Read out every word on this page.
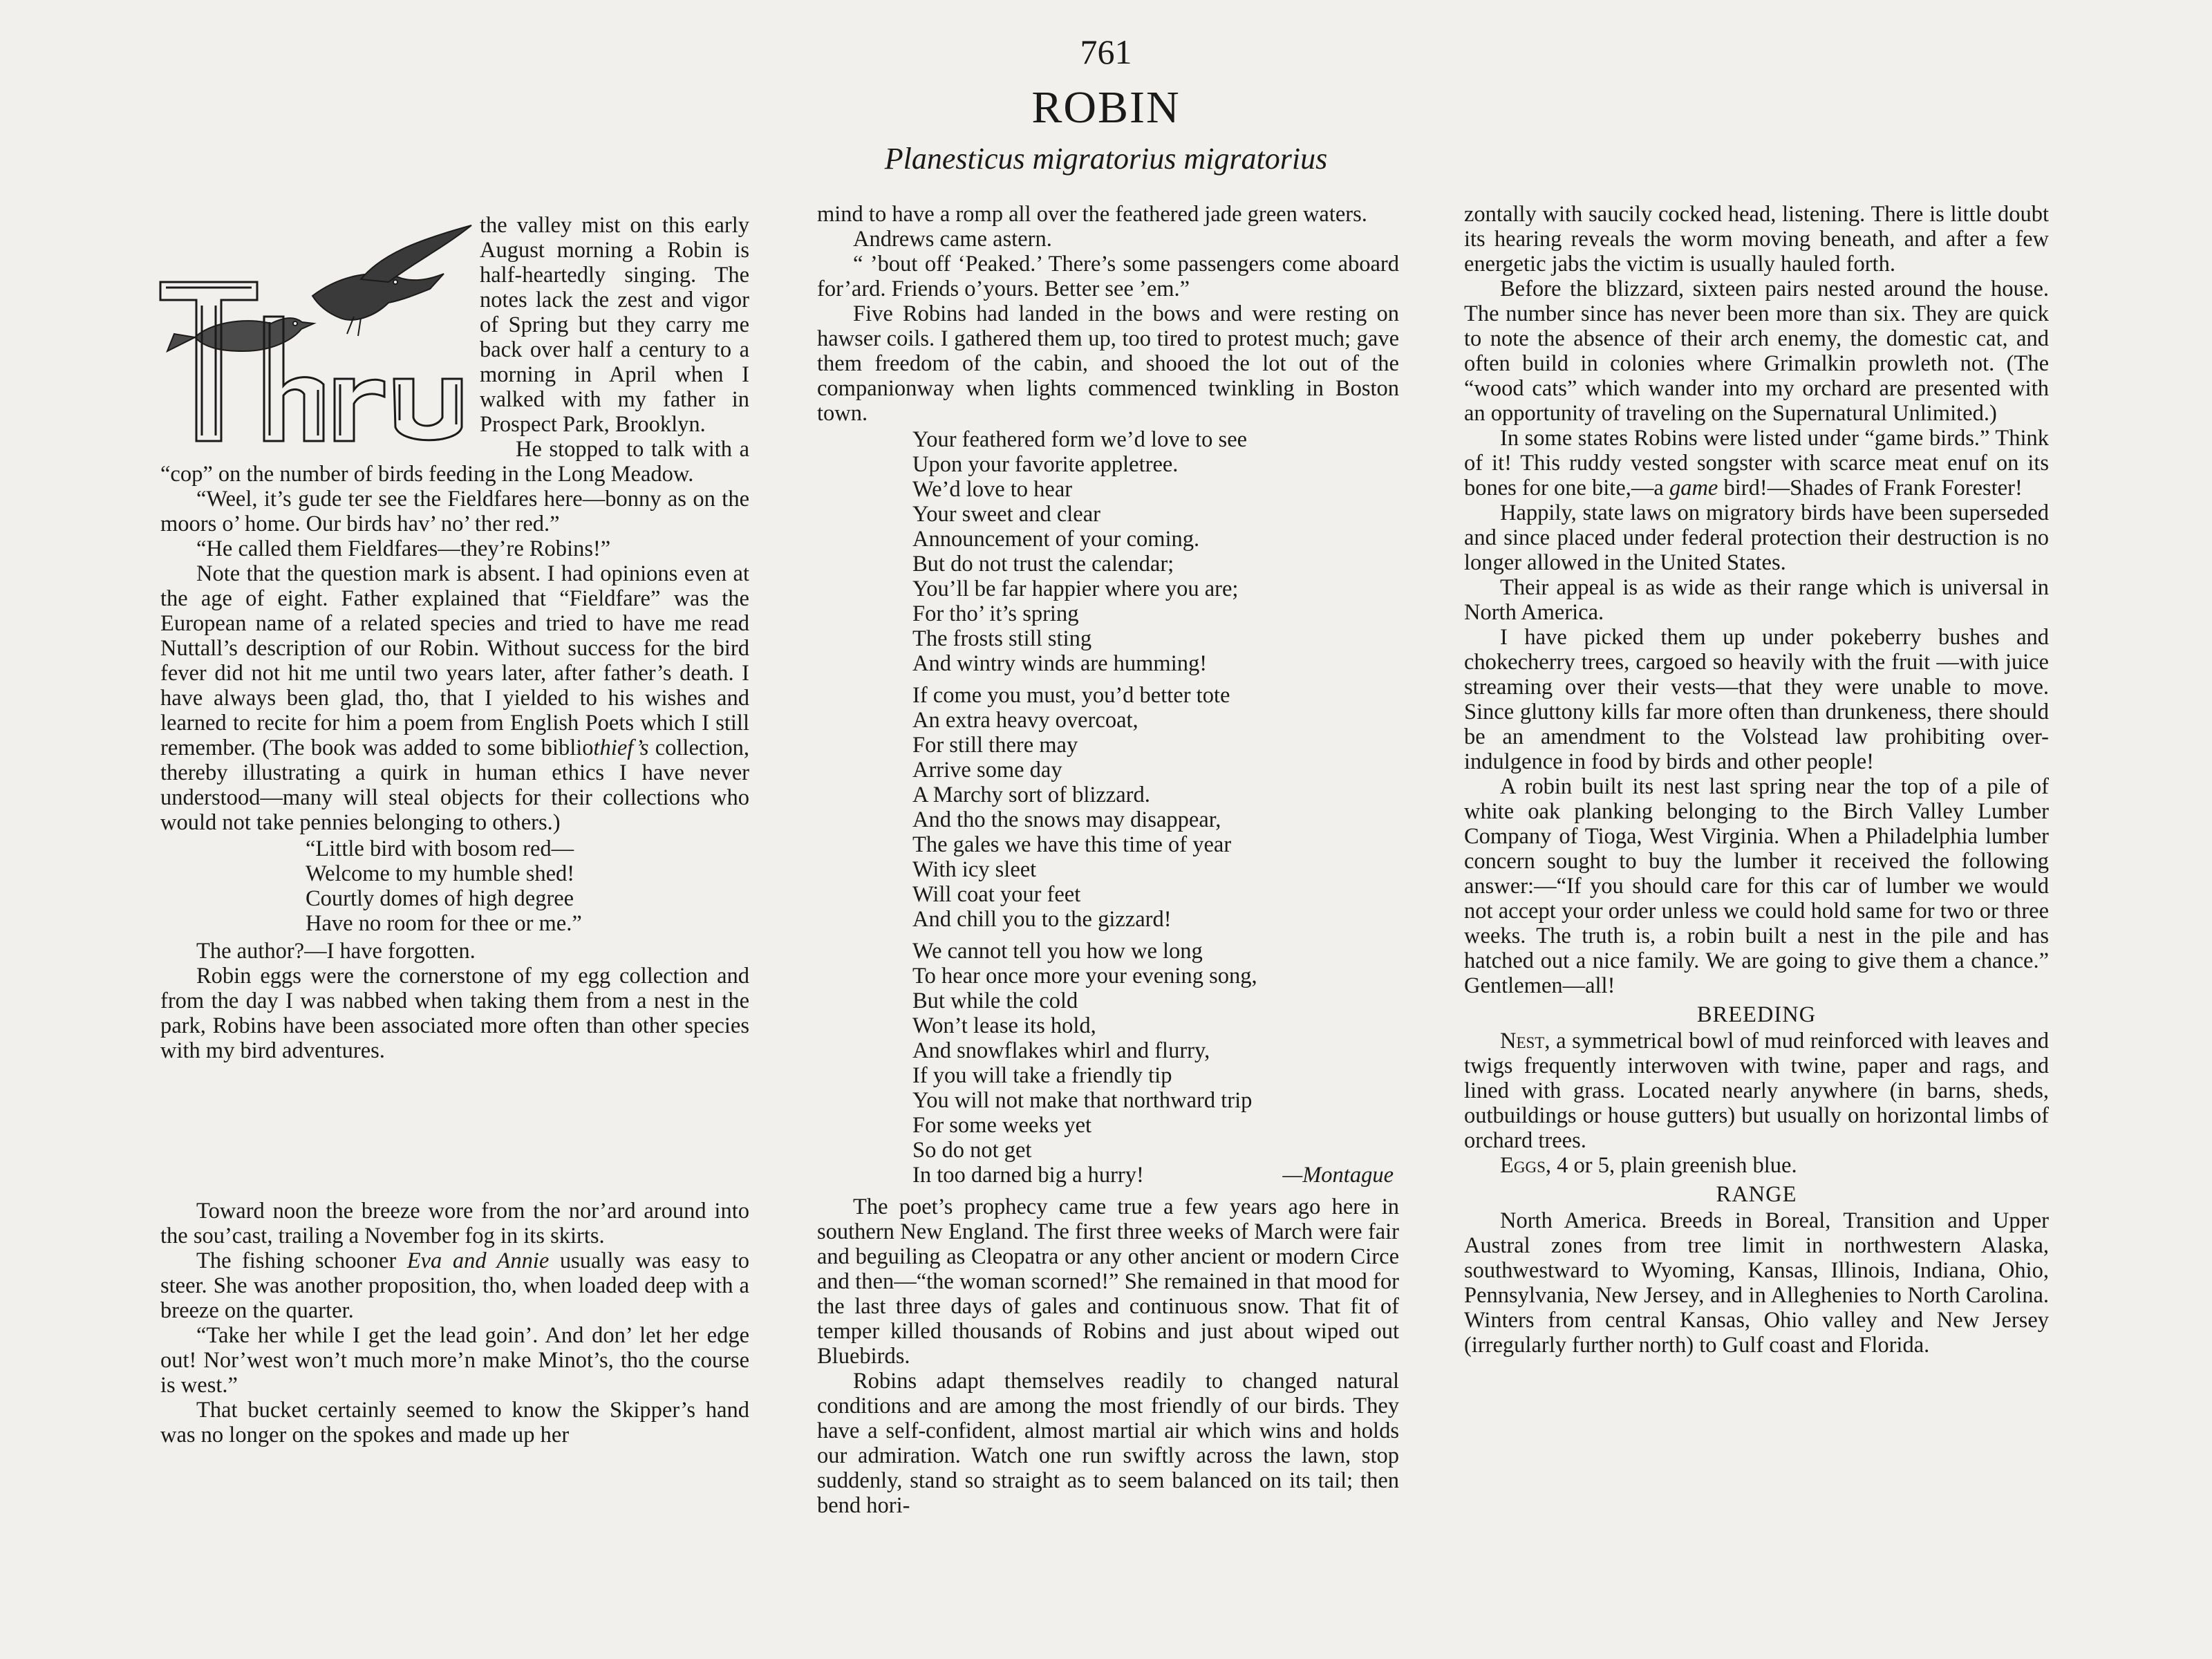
761
ROBIN
Planesticus migratorius migratorius
Thru	the valley mist on this early August morning a Robin is half-heartedly singing. The notes lack the zest and vigor of Spring but they carry me back over half a century to a morning in April when I walked with my father in Prospect Park, Brooklyn.

He stopped to talk with a “cop” on the number of birds feeding in the Long Meadow.

“Weel, it’s gude ter see the Fieldfares here—bonny as on the moors o’ home. Our birds hav’ no’ ther red.”

“He called them Fieldfares—they’re Robins!”

Note that the question mark is absent. I had opinions even at the age of eight. Father explained that “Fieldfare” was the European name of a related species and tried to have me read Nuttall’s description of our Robin. Without success for the bird fever did not hit me until two years later, after father’s death. I have always been glad, tho, that I yielded to his wishes and learned to recite for him a poem from English Poets which I still remember. (The book was added to some bibliothief’s collection, thereby illustrating a quirk in human ethics I have never understood—many will steal objects for their collections who would not take pennies belonging to others.)

“Little bird with bosom red—
Welcome to my humble shed!
Courtly domes of high degree
Have no room for thee or me.”

The author?—I have forgotten.

Robin eggs were the cornerstone of my egg collection and from the day I was nabbed when taking them from a nest in the park, Robins have been associated more often than other species with my bird adventures.

Toward noon the breeze wore from the nor’ard around into the sou’cast, trailing a November fog in its skirts.

The fishing schooner Eva and Annie usually was easy to steer. She was another proposition, tho, when loaded deep with a breeze on the quarter.

“Take her while I get the lead goin’. And don’ let her edge out! Nor’west won’t much more’n make Minot’s, tho the course is west.”

That bucket certainly seemed to know the Skipper’s hand was no longer on the spokes and made up her

mind to have a romp all over the feathered jade green waters.

Andrews came astern.

“ ’bout off ‘Peaked.’ There’s some passengers come aboard for’ard. Friends o’yours. Better see ’em.”

Five Robins had landed in the bows and were resting on hawser coils. I gathered them up, too tired to protest much; gave them freedom of the cabin, and shooed the lot out of the companionway when lights commenced twinkling in Boston town.

Your feathered form we’d love to see
Upon your favorite appletree.
We’d love to hear
Your sweet and clear
Announcement of your coming.
But do not trust the calendar;
You’ll be far happier where you are;
For tho’ it’s spring
The frosts still sting
And wintry winds are humming!
If come you must, you’d better tote
An extra heavy overcoat,
For still there may
Arrive some day
A Marchy sort of blizzard.
And tho the snows may disappear,
The gales we have this time of year
With icy sleet
Will coat your feet
And chill you to the gizzard!
We cannot tell you how we long
To hear once more your evening song,
But while the cold
Won’t lease its hold,
And snowflakes whirl and flurry,
If you will take a friendly tip
You will not make that northward trip
For some weeks yet
So do not get
In too darned big a hurry!	—Montague

The poet’s prophecy came true a few years ago here in southern New England. The first three weeks of March were fair and beguiling as Cleopatra or any other ancient or modern Circe and then—“the woman scorned!” She remained in that mood for the last three days of gales and continuous snow. That fit of temper killed thousands of Robins and just about wiped out Bluebirds.

Robins adapt themselves readily to changed natural conditions and are among the most friendly of our birds. They have a self-confident, almost martial air which wins and holds our admiration. Watch one run swiftly across the lawn, stop suddenly, stand so straight as to seem balanced on its tail; then bend hori-

zontally with saucily cocked head, listening. There is little doubt its hearing reveals the worm moving beneath, and after a few energetic jabs the victim is usually hauled forth.

Before the blizzard, sixteen pairs nested around the house. The number since has never been more than six. They are quick to note the absence of their arch enemy, the domestic cat, and often build in colonies where Grimalkin prowleth not. (The “wood cats” which wander into my orchard are presented with an opportunity of traveling on the Supernatural Unlimited.)

In some states Robins were listed under “game birds.” Think of it! This ruddy vested songster with scarce meat enuf on its bones for one bite,—a game bird!—Shades of Frank Forester!

Happily, state laws on migratory birds have been superseded and since placed under federal protection their destruction is no longer allowed in the United States.

Their appeal is as wide as their range which is universal in North America.

I have picked them up under pokeberry bushes and chokecherry trees, cargoed so heavily with the fruit —with juice streaming over their vests—that they were unable to move. Since gluttony kills far more often than drunkeness, there should be an amendment to the Volstead law prohibiting over-indulgence in food by birds and other people!

A robin built its nest last spring near the top of a pile of white oak planking belonging to the Birch Valley Lumber Company of Tioga, West Virginia. When a Philadelphia lumber concern sought to buy the lumber it received the following answer:—“If you should care for this car of lumber we would not accept your order unless we could hold same for two or three weeks. The truth is, a robin built a nest in the pile and has hatched out a nice family. We are going to give them a chance.” Gentlemen—all!

BREEDING

Nest, a symmetrical bowl of mud reinforced with leaves and twigs frequently interwoven with twine, paper and rags, and lined with grass. Located nearly anywhere (in barns, sheds, outbuildings or house gutters) but usually on horizontal limbs of orchard trees.

Eggs, 4 or 5, plain greenish blue.

RANGE

North America. Breeds in Boreal, Transition and Upper Austral zones from tree limit in northwestern Alaska, southwestward to Wyoming, Kansas, Illinois, Indiana, Ohio, Pennsylvania, New Jersey, and in Alleghenies to North Carolina. Winters from central Kansas, Ohio valley and New Jersey (irregularly further north) to Gulf coast and Florida.
